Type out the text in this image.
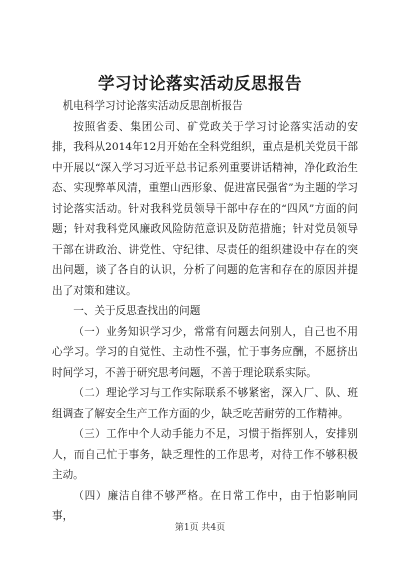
学习讨论落实活动反思报告

机电科学习讨论落实活动反思剖析报告

按照省委、集团公司、矿党政关于学习讨论落实活动的安排，我科从2014年12月开始在全科党组织，重点是机关党员干部中开展以“深入学习习近平总书记系列重要讲话精神，净化政治生态、实现弊革风清，重塑山西形象、促进富民强省”为主题的学习讨论落实活动。针对我科党员领导干部中存在的“四风”方面的问题；针对我科党风廉政风险防范意识及防范措施；针对党员领导干部在讲政治、讲党性、守纪律、尽责任的组织建设中存在的突出问题，谈了各自的认识，分析了问题的危害和存在的原因并提出了对策和建议。

一、关于反思查找出的问题

（一）业务知识学习少，常常有问题去问别人，自己也不用心学习。学习的自觉性、主动性不强，忙于事务应酬，不愿挤出时间学习，不善于研究思考问题，不善于理论联系实际。

（二）理论学习与工作实际联系不够紧密，深入厂、队、班组调查了解安全生产工作方面的少，缺乏吃苦耐劳的工作精神。

（三）工作中个人动手能力不足，习惯于指挥别人，安排别人，而自己忙于事务，缺乏理性的工作思考，对待工作不够积极主动。

（四）廉洁自律不够严格。在日常工作中，由于怕影响同事，

第1页 共4页
